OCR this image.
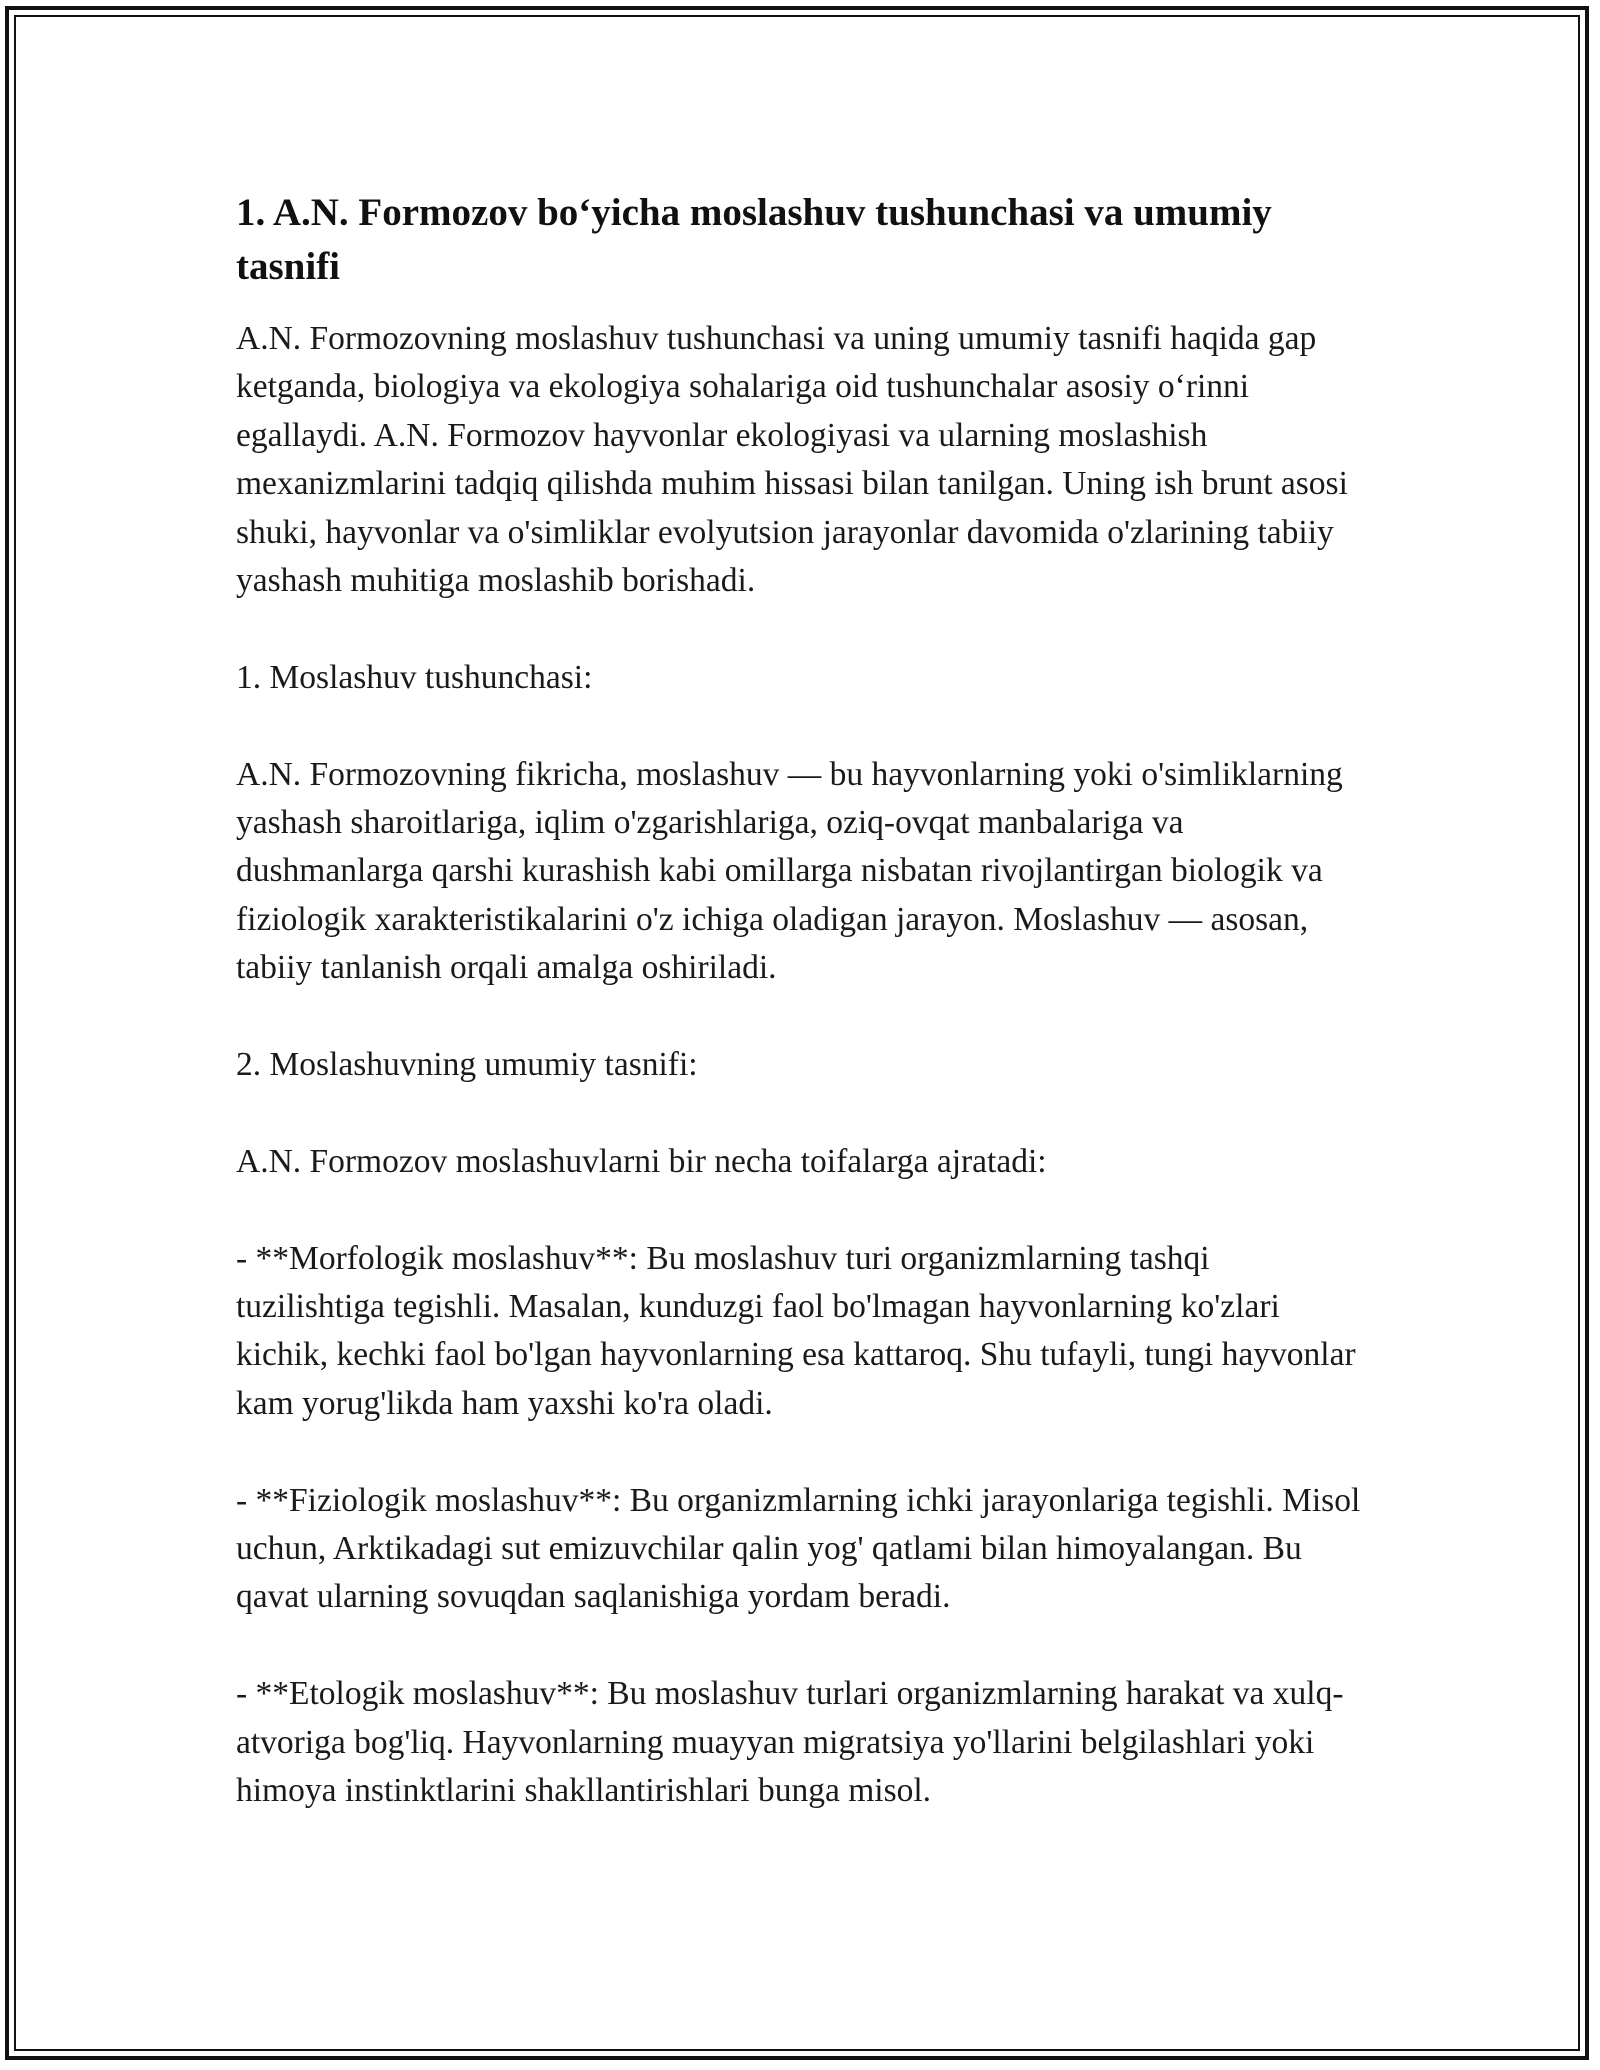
1. A.N. Formozov bo‘yicha moslashuv tushunchasi va umumiy tasnifi

A.N. Formozovning moslashuv tushunchasi va uning umumiy tasnifi haqida gap ketganda, biologiya va ekologiya sohalariga oid tushunchalar asosiy o‘rinni egallaydi. A.N. Formozov hayvonlar ekologiyasi va ularning moslashish mexanizmlarini tadqiq qilishda muhim hissasi bilan tanilgan. Uning ish brunt asosi shuki, hayvonlar va o'simliklar evolyutsion jarayonlar davomida o'zlarining tabiiy yashash muhitiga moslashib borishadi.

1. Moslashuv tushunchasi:

A.N. Formozovning fikricha, moslashuv — bu hayvonlarning yoki o'simliklarning yashash sharoitlariga, iqlim o'zgarishlariga, oziq-ovqat manbalariga va dushmanlarga qarshi kurashish kabi omillarga nisbatan rivojlantirgan biologik va fiziologik xarakteristikalarini o'z ichiga oladigan jarayon. Moslashuv — asosan, tabiiy tanlanish orqali amalga oshiriladi.

2. Moslashuvning umumiy tasnifi:

A.N. Formozov moslashuvlarni bir necha toifalarga ajratadi:

- **Morfologik moslashuv**: Bu moslashuv turi organizmlarning tashqi tuzilishtiga tegishli. Masalan, kunduzgi faol bo'lmagan hayvonlarning ko'zlari kichik, kechki faol bo'lgan hayvonlarning esa kattaroq. Shu tufayli, tungi hayvonlar kam yorug'likda ham yaxshi ko'ra oladi.

- **Fiziologik moslashuv**: Bu organizmlarning ichki jarayonlariga tegishli. Misol uchun, Arktikadagi sut emizuvchilar qalin yog' qatlami bilan himoyalangan. Bu qavat ularning sovuqdan saqlanishiga yordam beradi.

- **Etologik moslashuv**: Bu moslashuv turlari organizmlarning harakat va xulq-atvoriga bog'liq. Hayvonlarning muayyan migratsiya yo'llarini belgilashlari yoki himoya instinktlarini shakllantirishlari bunga misol.
